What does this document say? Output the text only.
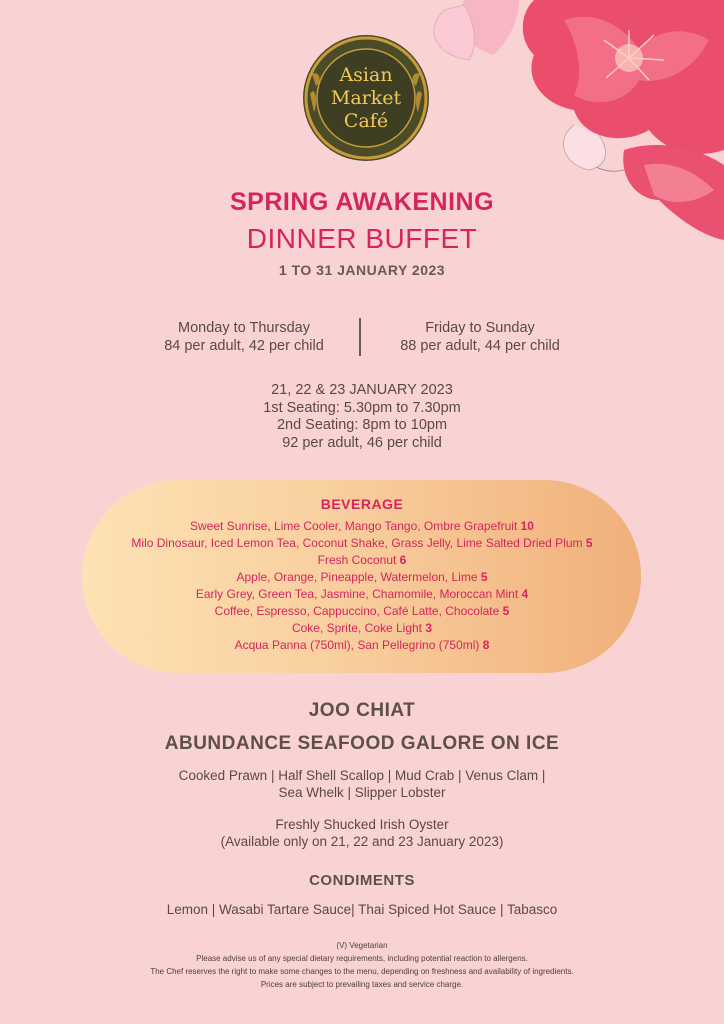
Asian
Market
Café
SPRING AWAKENING
DINNER BUFFET
1 TO 31 JANUARY 2023
Monday to Thursday
84 per adult, 42 per child
Friday to Sunday
88 per adult, 44 per child
21, 22 & 23 JANUARY 2023
1st Seating: 5.30pm to 7.30pm
2nd Seating: 8pm to 10pm
92 per adult, 46 per child
BEVERAGE
Sweet Sunrise, Lime Cooler, Mango Tango, Ombre Grapefruit 10
Milo Dinosaur, Iced Lemon Tea, Coconut Shake, Grass Jelly, Lime Salted Dried Plum 5
Fresh Coconut 6
Apple, Orange, Pineapple, Watermelon, Lime 5
Early Grey, Green Tea, Jasmine, Chamomile, Moroccan Mint 4
Coffee, Espresso, Cappuccino, Café Latte, Chocolate 5
Coke, Sprite, Coke Light 3
Acqua Panna (750ml), San Pellegrino (750ml) 8
JOO CHIAT
ABUNDANCE SEAFOOD GALORE ON ICE
Cooked Prawn | Half Shell Scallop | Mud Crab | Venus Clam |
Sea Whelk | Slipper Lobster
Freshly Shucked Irish Oyster
(Available only on 21, 22 and 23 January 2023)
CONDIMENTS
Lemon | Wasabi Tartare Sauce| Thai Spiced Hot Sauce | Tabasco
(V) Vegetarian
Please advise us of any special dietary requirements, including potential reaction to allergens.
The Chef reserves the right to make some changes to the menu, depending on freshness and availability of ingredients.
Prices are subject to prevailing taxes and service charge.
